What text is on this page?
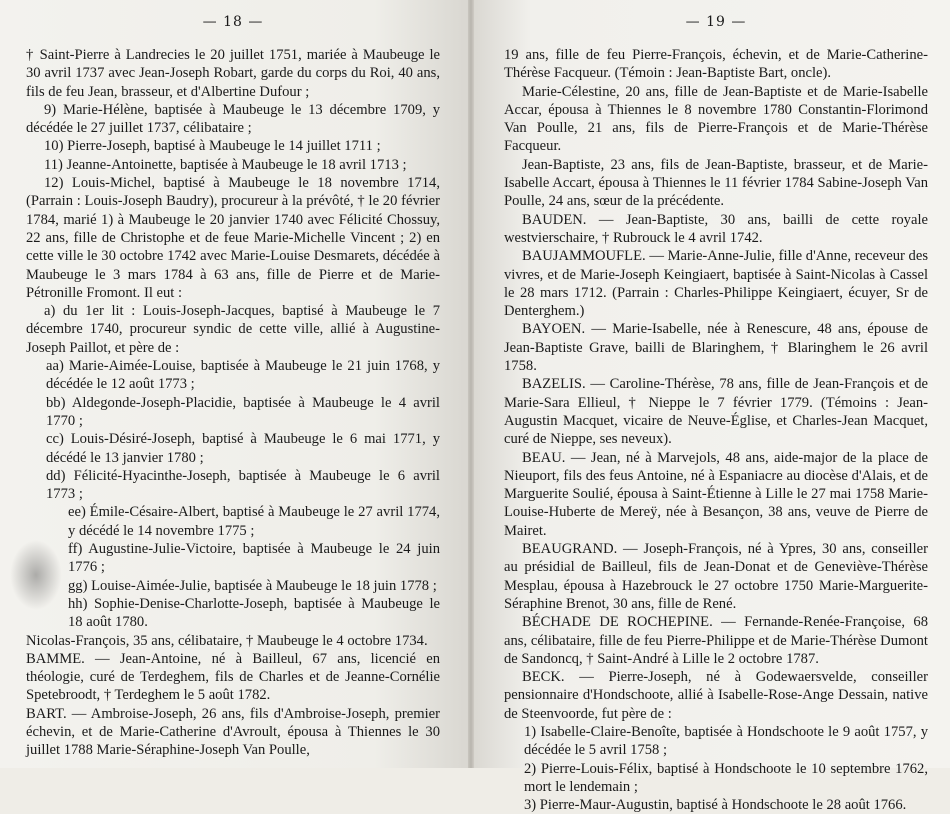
— 18 —

† Saint-Pierre à Landrecies le 20 juillet 1751, mariée à Maubeuge le 30 avril 1737 avec Jean-Joseph Robart, garde du corps du Roi, 40 ans, fils de feu Jean, brasseur, et d'Albertine Dufour ;

9) Marie-Hélène, baptisée à Maubeuge le 13 décembre 1709, y décédée le 27 juillet 1737, célibataire ;

10) Pierre-Joseph, baptisé à Maubeuge le 14 juillet 1711 ;

11) Jeanne-Antoinette, baptisée à Maubeuge le 18 avril 1713 ;

12) Louis-Michel, baptisé à Maubeuge le 18 novembre 1714, (Parrain : Louis-Joseph Baudry), procureur à la prévôté, † le 20 février 1784, marié 1) à Maubeuge le 20 janvier 1740 avec Félicité Chossuy, 22 ans, fille de Christophe et de feue Marie-Michelle Vincent ; 2) en cette ville le 30 octobre 1742 avec Marie-Louise Desmarets, décédée à Maubeuge le 3 mars 1784 à 63 ans, fille de Pierre et de Marie-Pétronille Fromont. Il eut :

a) du 1er lit : Louis-Joseph-Jacques, baptisé à Maubeuge le 7 décembre 1740, procureur syndic de cette ville, allié à Augustine-Joseph Paillot, et père de :

aa) Marie-Aimée-Louise, baptisée à Maubeuge le 21 juin 1768, y décédée le 12 août 1773 ;

bb) Aldegonde-Joseph-Placidie, baptisée à Maubeuge le 4 avril 1770 ;

cc) Louis-Désiré-Joseph, baptisé à Maubeuge le 6 mai 1771, y décédé le 13 janvier 1780 ;

dd) Félicité-Hyacinthe-Joseph, baptisée à Maubeuge le 6 avril 1773 ;

ee) Émile-Césaire-Albert, baptisé à Maubeuge le 27 avril 1774, y décédé le 14 novembre 1775 ;

ff) Augustine-Julie-Victoire, baptisée à Maubeuge le 24 juin 1776 ;

gg) Louise-Aimée-Julie, baptisée à Maubeuge le 18 juin 1778 ;

hh) Sophie-Denise-Charlotte-Joseph, baptisée à Maubeuge le 18 août 1780.

Nicolas-François, 35 ans, célibataire, † Maubeuge le 4 octobre 1734.

BAMME. — Jean-Antoine, né à Bailleul, 67 ans, licencié en théologie, curé de Terdeghem, fils de Charles et de Jeanne-Cornélie Spetebroodt, † Terdeghem le 5 août 1782.

BART. — Ambroise-Joseph, 26 ans, fils d'Ambroise-Joseph, premier échevin, et de Marie-Catherine d'Avroult, épousa à Thiennes le 30 juillet 1788 Marie-Séraphine-Joseph Van Poulle,

— 19 —

19 ans, fille de feu Pierre-François, échevin, et de Marie-Catherine-Thérèse Facqueur. (Témoin : Jean-Baptiste Bart, oncle).

Marie-Célestine, 20 ans, fille de Jean-Baptiste et de Marie-Isabelle Accar, épousa à Thiennes le 8 novembre 1780 Constantin-Florimond Van Poulle, 21 ans, fils de Pierre-François et de Marie-Thérèse Facqueur.

Jean-Baptiste, 23 ans, fils de Jean-Baptiste, brasseur, et de Marie-Isabelle Accart, épousa à Thiennes le 11 février 1784 Sabine-Joseph Van Poulle, 24 ans, sœur de la précédente.

BAUDEN. — Jean-Baptiste, 30 ans, bailli de cette royale westvierschaire, † Rubrouck le 4 avril 1742.

BAUJAMMOUFLE. — Marie-Anne-Julie, fille d'Anne, receveur des vivres, et de Marie-Joseph Keingiaert, baptisée à Saint-Nicolas à Cassel le 28 mars 1712. (Parrain : Charles-Philippe Keingiaert, écuyer, Sr de Denterghem.)

BAYOEN. — Marie-Isabelle, née à Renescure, 48 ans, épouse de Jean-Baptiste Grave, bailli de Blaringhem, † Blaringhem le 26 avril 1758.

BAZELIS. — Caroline-Thérèse, 78 ans, fille de Jean-François et de Marie-Sara Ellieul, † Nieppe le 7 février 1779. (Témoins : Jean-Augustin Macquet, vicaire de Neuve-Église, et Charles-Jean Macquet, curé de Nieppe, ses neveux).

BEAU. — Jean, né à Marvejols, 48 ans, aide-major de la place de Nieuport, fils des feus Antoine, né à Espaniacre au diocèse d'Alais, et de Marguerite Soulié, épousa à Saint-Étienne à Lille le 27 mai 1758 Marie-Louise-Huberte de Mereÿ, née à Besançon, 38 ans, veuve de Pierre de Mairet.

BEAUGRAND. — Joseph-François, né à Ypres, 30 ans, conseiller au présidial de Bailleul, fils de Jean-Donat et de Geneviève-Thérèse Mesplau, épousa à Hazebrouck le 27 octobre 1750 Marie-Marguerite-Séraphine Brenot, 30 ans, fille de René.

BÉCHADE DE ROCHEPINE. — Fernande-Renée-Françoise, 68 ans, célibataire, fille de feu Pierre-Philippe et de Marie-Thérèse Dumont de Sandoncq, † Saint-André à Lille le 2 octobre 1787.

BECK. — Pierre-Joseph, né à Godewaersvelde, conseiller pensionnaire d'Hondschoote, allié à Isabelle-Rose-Ange Dessain, native de Steenvoorde, fut père de :

1) Isabelle-Claire-Benoîte, baptisée à Hondschoote le 9 août 1757, y décédée le 5 avril 1758 ;

2) Pierre-Louis-Félix, baptisé à Hondschoote le 10 septembre 1762, mort le lendemain ;

3) Pierre-Maur-Augustin, baptisé à Hondschoote le 28 août 1766.
